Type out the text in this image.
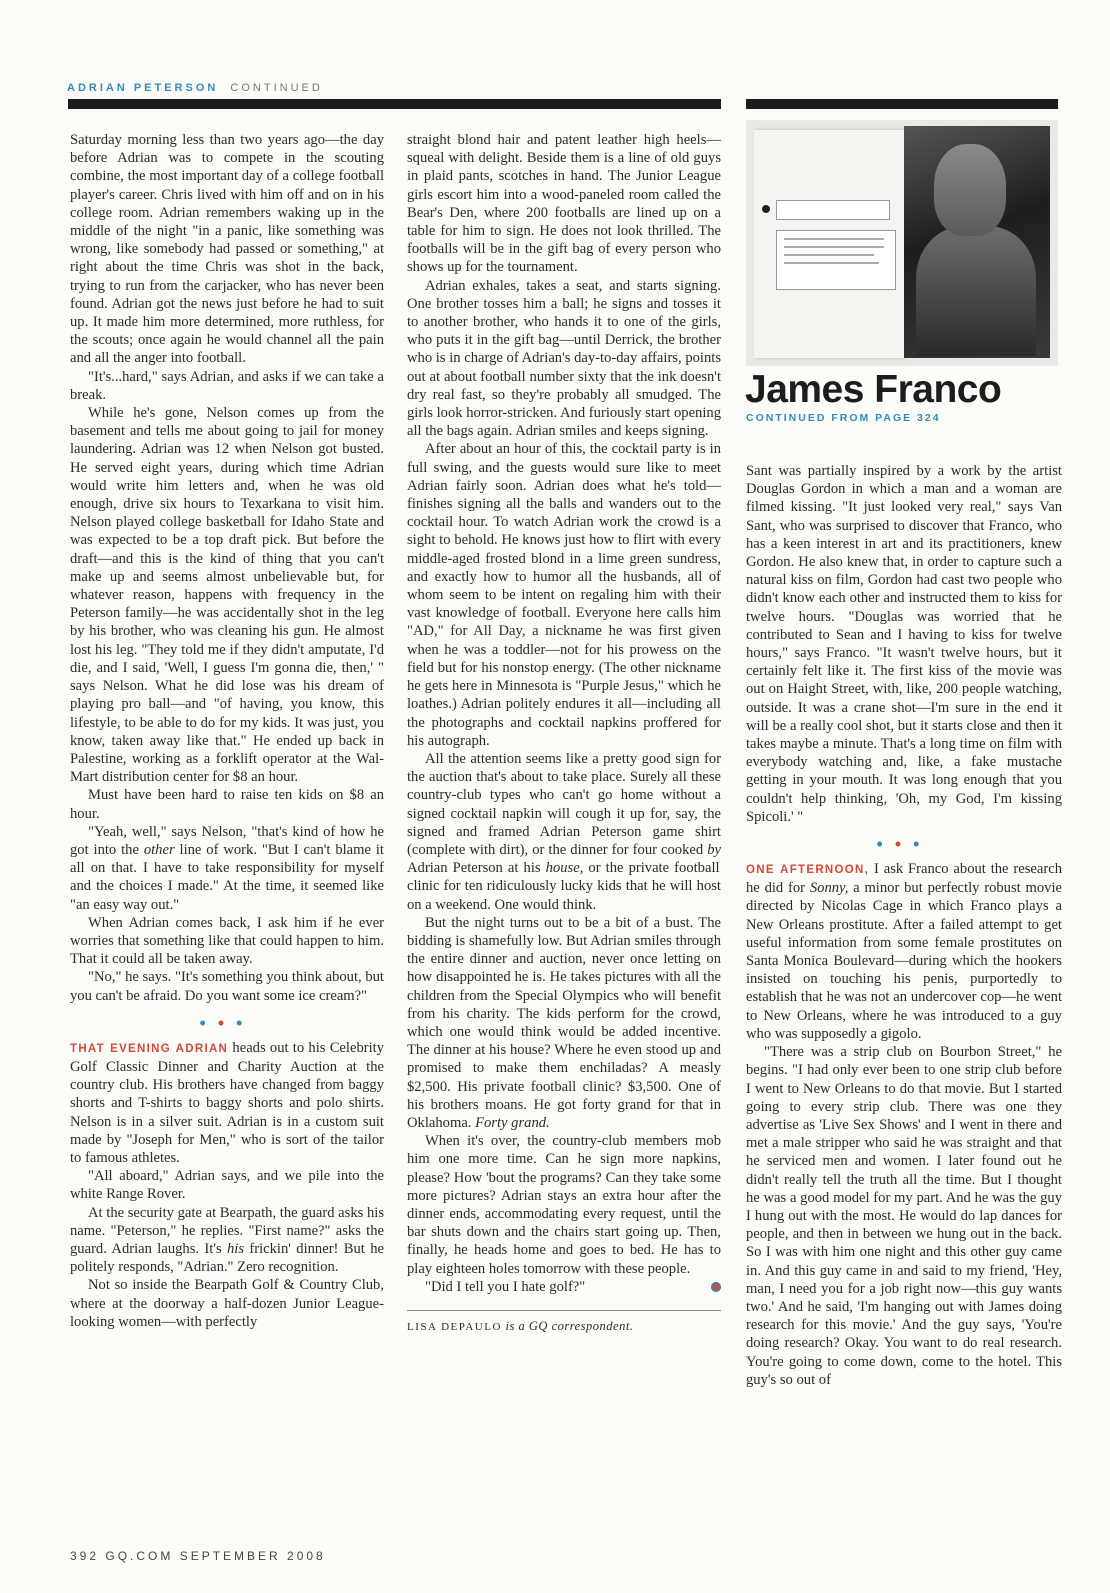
ADRIAN PETERSON CONTINUED

Saturday morning less than two years ago—the day before Adrian was to compete in the scouting combine, the most important day of a college football player's career. Chris lived with him off and on in his college room. Adrian remembers waking up in the middle of the night "in a panic, like something was wrong, like somebody had passed or something," at right about the time Chris was shot in the back, trying to run from the carjacker, who has never been found. Adrian got the news just before he had to suit up. It made him more determined, more ruthless, for the scouts; once again he would channel all the pain and all the anger into football.

"It's...hard," says Adrian, and asks if we can take a break.

While he's gone, Nelson comes up from the basement and tells me about going to jail for money laundering. Adrian was 12 when Nelson got busted. He served eight years, during which time Adrian would write him letters and, when he was old enough, drive six hours to Texarkana to visit him. Nelson played college basketball for Idaho State and was expected to be a top draft pick. But before the draft—and this is the kind of thing that you can't make up and seems almost unbelievable but, for whatever reason, happens with frequency in the Peterson family—he was accidentally shot in the leg by his brother, who was cleaning his gun. He almost lost his leg. "They told me if they didn't amputate, I'd die, and I said, 'Well, I guess I'm gonna die, then,' " says Nelson. What he did lose was his dream of playing pro ball—and "of having, you know, this lifestyle, to be able to do for my kids. It was just, you know, taken away like that." He ended up back in Palestine, working as a forklift operator at the Wal-Mart distribution center for $8 an hour.

Must have been hard to raise ten kids on $8 an hour.

"Yeah, well," says Nelson, "that's kind of how he got into the other line of work. "But I can't blame it all on that. I have to take responsibility for myself and the choices I made." At the time, it seemed like "an easy way out."

When Adrian comes back, I ask him if he ever worries that something like that could happen to him. That it could all be taken away.

"No," he says. "It's something you think about, but you can't be afraid. Do you want some ice cream?"

•••

THAT EVENING ADRIAN heads out to his Celebrity Golf Classic Dinner and Charity Auction at the country club. His brothers have changed from baggy shorts and T-shirts to baggy shorts and polo shirts. Nelson is in a silver suit. Adrian is in a custom suit made by "Joseph for Men," who is sort of the tailor to famous athletes.

"All aboard," Adrian says, and we pile into the white Range Rover.

At the security gate at Bearpath, the guard asks his name. "Peterson," he replies. "First name?" asks the guard. Adrian laughs. It's his frickin' dinner! But he politely responds, "Adrian." Zero recognition.

Not so inside the Bearpath Golf & Country Club, where at the doorway a half-dozen Junior League-looking women—with perfectly

straight blond hair and patent leather high heels—squeal with delight. Beside them is a line of old guys in plaid pants, scotches in hand. The Junior League girls escort him into a wood-paneled room called the Bear's Den, where 200 footballs are lined up on a table for him to sign. He does not look thrilled. The footballs will be in the gift bag of every person who shows up for the tournament.

Adrian exhales, takes a seat, and starts signing. One brother tosses him a ball; he signs and tosses it to another brother, who hands it to one of the girls, who puts it in the gift bag—until Derrick, the brother who is in charge of Adrian's day-to-day affairs, points out at about football number sixty that the ink doesn't dry real fast, so they're probably all smudged. The girls look horror-stricken. And furiously start opening all the bags again. Adrian smiles and keeps signing.

After about an hour of this, the cocktail party is in full swing, and the guests would sure like to meet Adrian fairly soon. Adrian does what he's told—finishes signing all the balls and wanders out to the cocktail hour. To watch Adrian work the crowd is a sight to behold. He knows just how to flirt with every middle-aged frosted blond in a lime green sundress, and exactly how to humor all the husbands, all of whom seem to be intent on regaling him with their vast knowledge of football. Everyone here calls him "AD," for All Day, a nickname he was first given when he was a toddler—not for his prowess on the field but for his nonstop energy. (The other nickname he gets here in Minnesota is "Purple Jesus," which he loathes.) Adrian politely endures it all—including all the photographs and cocktail napkins proffered for his autograph.

All the attention seems like a pretty good sign for the auction that's about to take place. Surely all these country-club types who can't go home without a signed cocktail napkin will cough it up for, say, the signed and framed Adrian Peterson game shirt (complete with dirt), or the dinner for four cooked by Adrian Peterson at his house, or the private football clinic for ten ridiculously lucky kids that he will host on a weekend. One would think.

But the night turns out to be a bit of a bust. The bidding is shamefully low. But Adrian smiles through the entire dinner and auction, never once letting on how disappointed he is. He takes pictures with all the children from the Special Olympics who will benefit from his charity. The kids perform for the crowd, which one would think would be added incentive. The dinner at his house? Where he even stood up and promised to make them enchiladas? A measly $2,500. His private football clinic? $3,500. One of his brothers moans. He got forty grand for that in Oklahoma. Forty grand.

When it's over, the country-club members mob him one more time. Can he sign more napkins, please? How 'bout the programs? Can they take some more pictures? Adrian stays an extra hour after the dinner ends, accommodating every request, until the bar shuts down and the chairs start going up. Then, finally, he heads home and goes to bed. He has to play eighteen holes tomorrow with these people.

"Did I tell you I hate golf?"

LISA DEPAULO is a GQ correspondent.

James Franco
CONTINUED FROM PAGE 324

Sant was partially inspired by a work by the artist Douglas Gordon in which a man and a woman are filmed kissing. "It just looked very real," says Van Sant, who was surprised to discover that Franco, who has a keen interest in art and its practitioners, knew Gordon. He also knew that, in order to capture such a natural kiss on film, Gordon had cast two people who didn't know each other and instructed them to kiss for twelve hours. "Douglas was worried that he contributed to Sean and I having to kiss for twelve hours," says Franco. "It wasn't twelve hours, but it certainly felt like it. The first kiss of the movie was out on Haight Street, with, like, 200 people watching, outside. It was a crane shot—I'm sure in the end it will be a really cool shot, but it starts close and then it takes maybe a minute. That's a long time on film with everybody watching and, like, a fake mustache getting in your mouth. It was long enough that you couldn't help thinking, 'Oh, my God, I'm kissing Spicoli.' "

•••

ONE AFTERNOON, I ask Franco about the research he did for Sonny, a minor but perfectly robust movie directed by Nicolas Cage in which Franco plays a New Orleans prostitute. After a failed attempt to get useful information from some female prostitutes on Santa Monica Boulevard—during which the hookers insisted on touching his penis, purportedly to establish that he was not an undercover cop—he went to New Orleans, where he was introduced to a guy who was supposedly a gigolo.

"There was a strip club on Bourbon Street," he begins. "I had only ever been to one strip club before I went to New Orleans to do that movie. But I started going to every strip club. There was one they advertise as 'Live Sex Shows' and I went in there and met a male stripper who said he was straight and that he serviced men and women. I later found out he didn't really tell the truth all the time. But I thought he was a good model for my part. And he was the guy I hung out with the most. He would do lap dances for people, and then in between we hung out in the back. So I was with him one night and this other guy came in. And this guy came in and said to my friend, 'Hey, man, I need you for a job right now—this guy wants two.' And he said, 'I'm hanging out with James doing research for this movie.' And the guy says, 'You're doing research? Okay. You want to do real research. You're going to come down, come to the hotel. This guy's so out of

392 GQ.COM SEPTEMBER 2008
